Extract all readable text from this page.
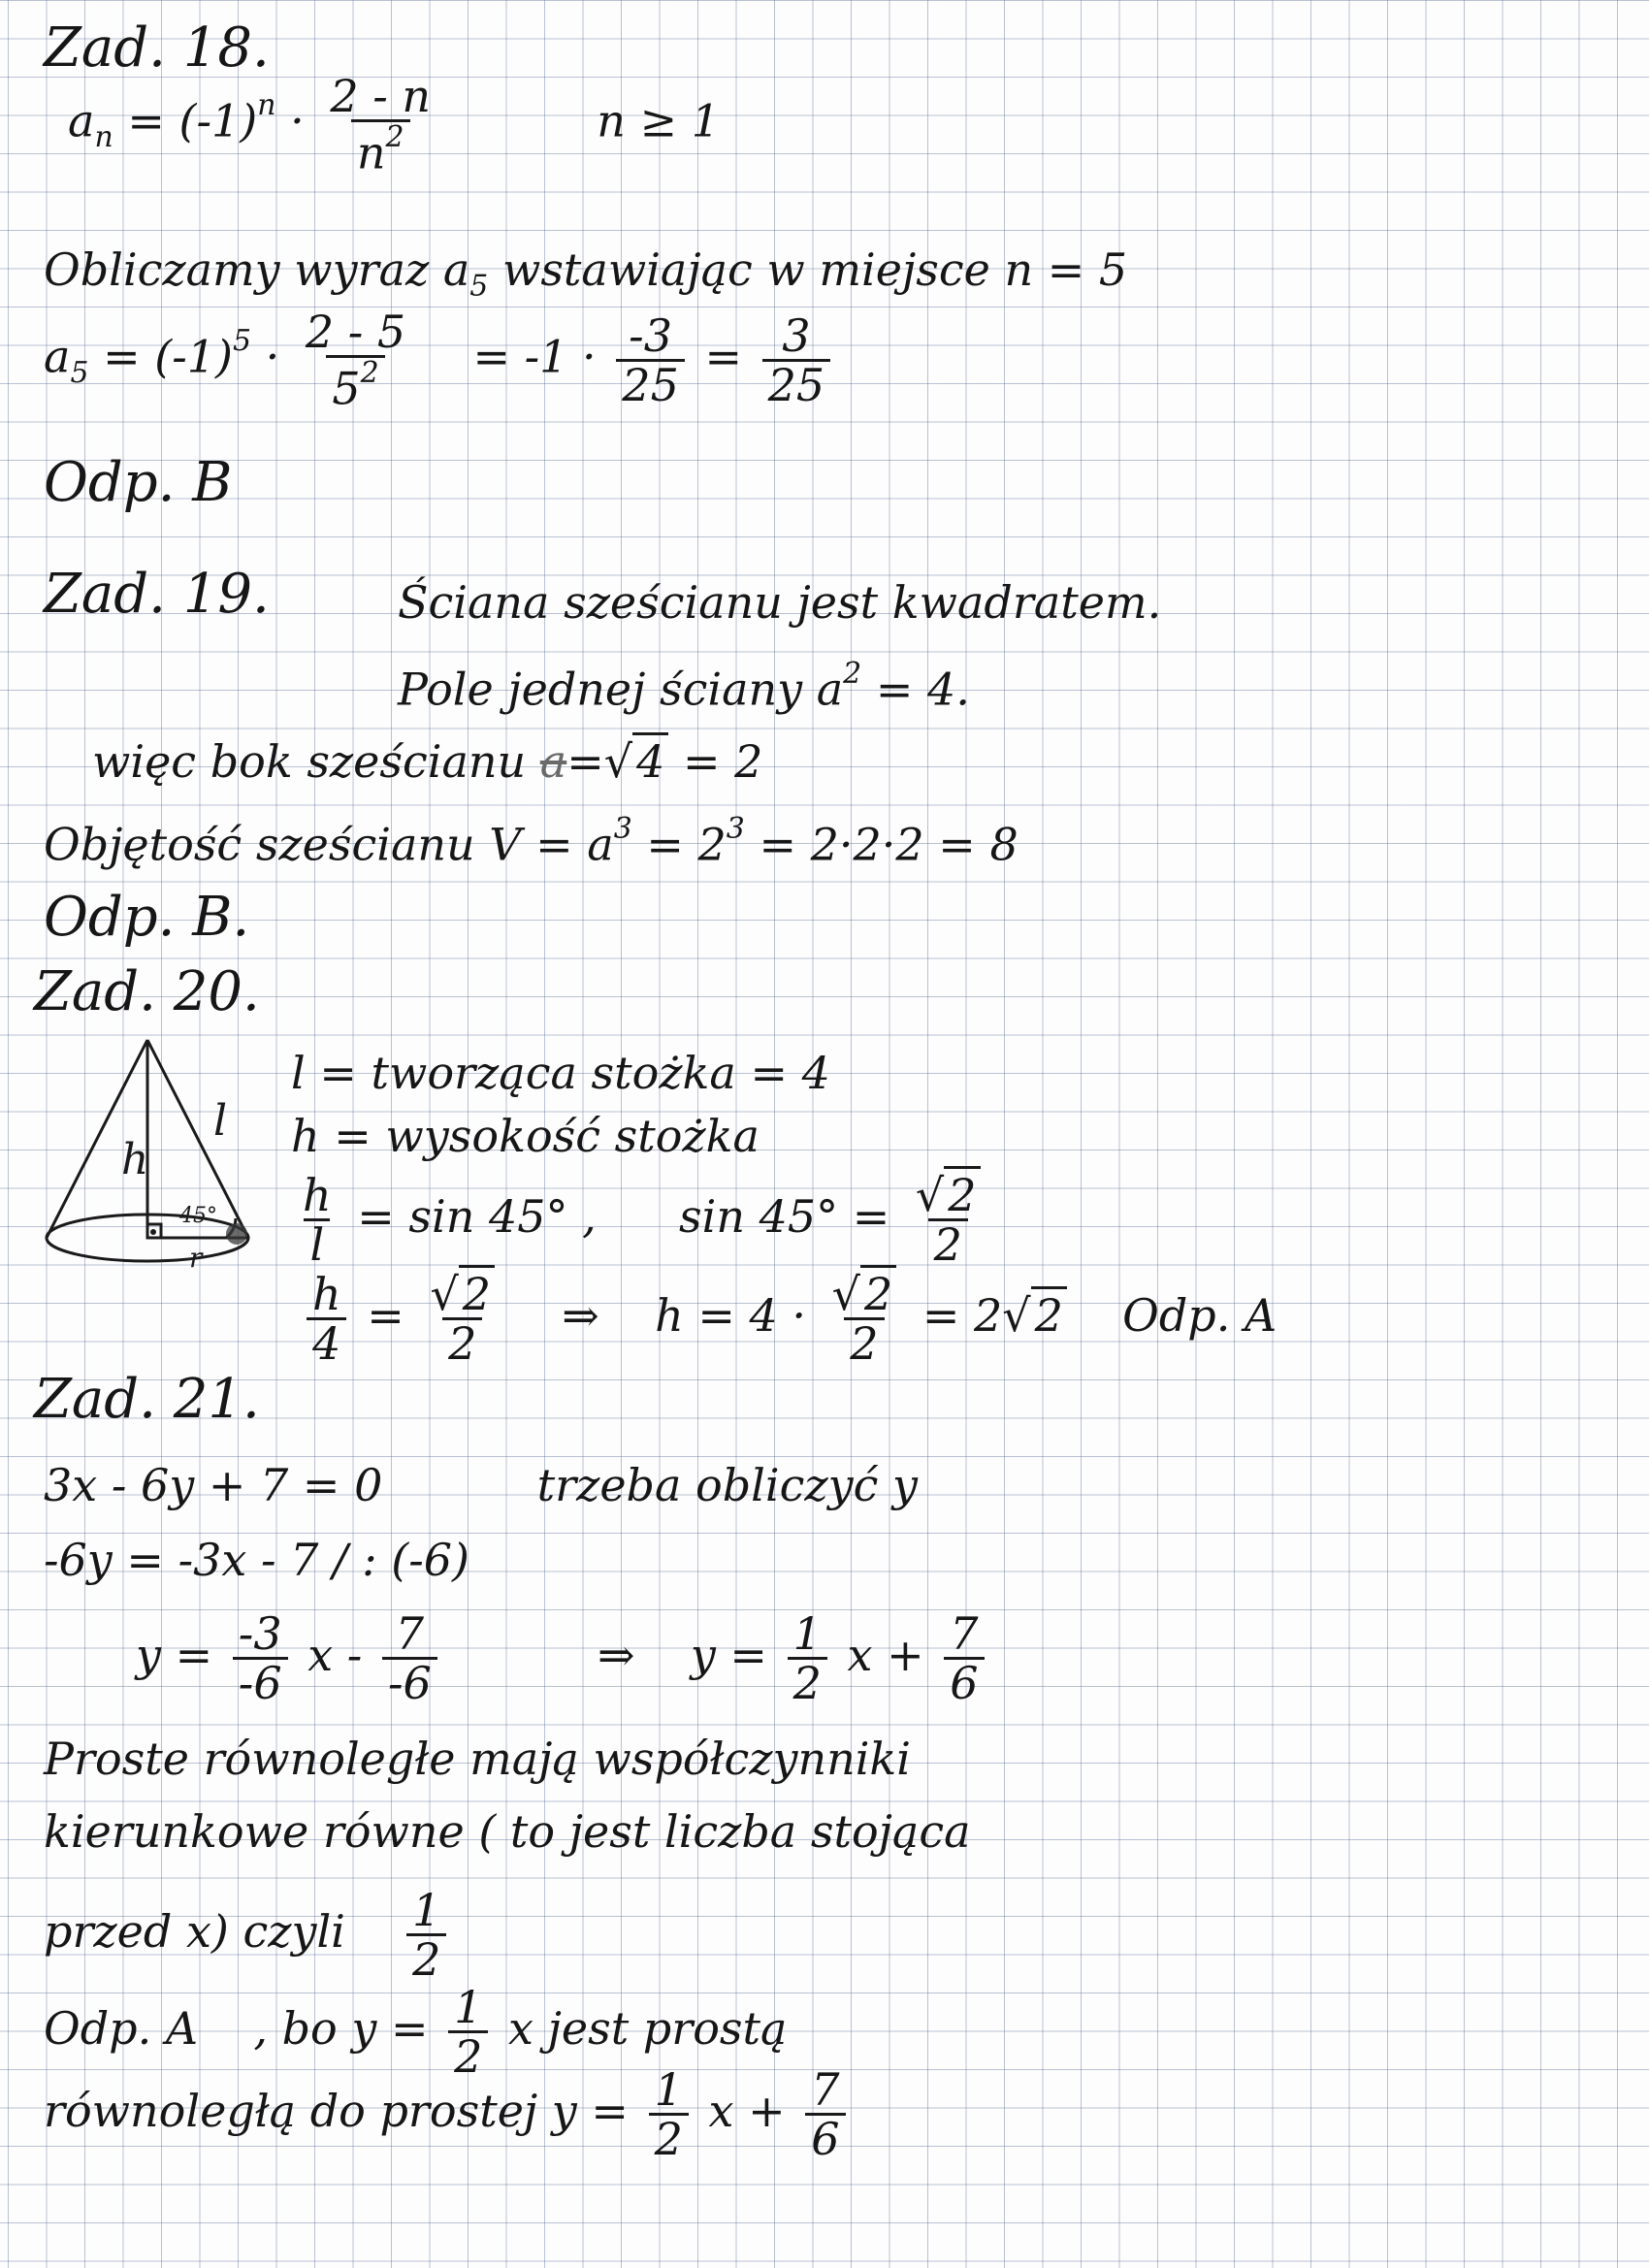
Zad. 18.
$a_n = (-1)^n \cdot \frac{2 - n}{n^2}$	n ≥ 1
Obliczamy wyraz $a_5$ wstawiając w miejsce n = 5
$a_5 = (-1)^5 \cdot \frac{2 - 5}{5^2} = -1 \cdot \frac{-3}{25} = \frac{3}{25}$
Odp. B
Zad. 19.	Ściana sześcianu jest kwadratem.
Pole jednej ściany $a^2 = 4$.
więc bok sześcianu a=√4 = 2
Objętość sześcianu $V = a^3 = 2^3 = 2\cdot 2\cdot 2 = 8$
Odp. B.
Zad. 20.
h
l
r
45°
l = tworząca stożka = 4
h = wysokość stożka
$\frac{h}{l} = \sin 45^\circ$ , $\sin 45^\circ = \frac{√2}{2}$
$\frac{h}{4} = \frac{√2}{2}$ ⇒ $h = 4 \cdot \frac{√2}{2} = 2√2$ Odp. A
Zad. 21.
3x - 6y + 7 = 0	trzeba obliczyć y
-6y = -3x - 7 / : (-6)
$y = \frac{-3}{-6}$ x - $\frac{7}{-6}$	⇒ $y = \frac{1}{2}$ $x + \frac{7}{6}$
Proste równoległe mają współczynniki
kierunkowe równe ( to jest liczba stojąca
przed x) czyli $\frac{1}{2}$
Odp. A , bo $y = \frac{1}{2}$ x jest prostą
równoległą do prostej $y = \frac{1}{2}$ $x + \frac{7}{6}$
